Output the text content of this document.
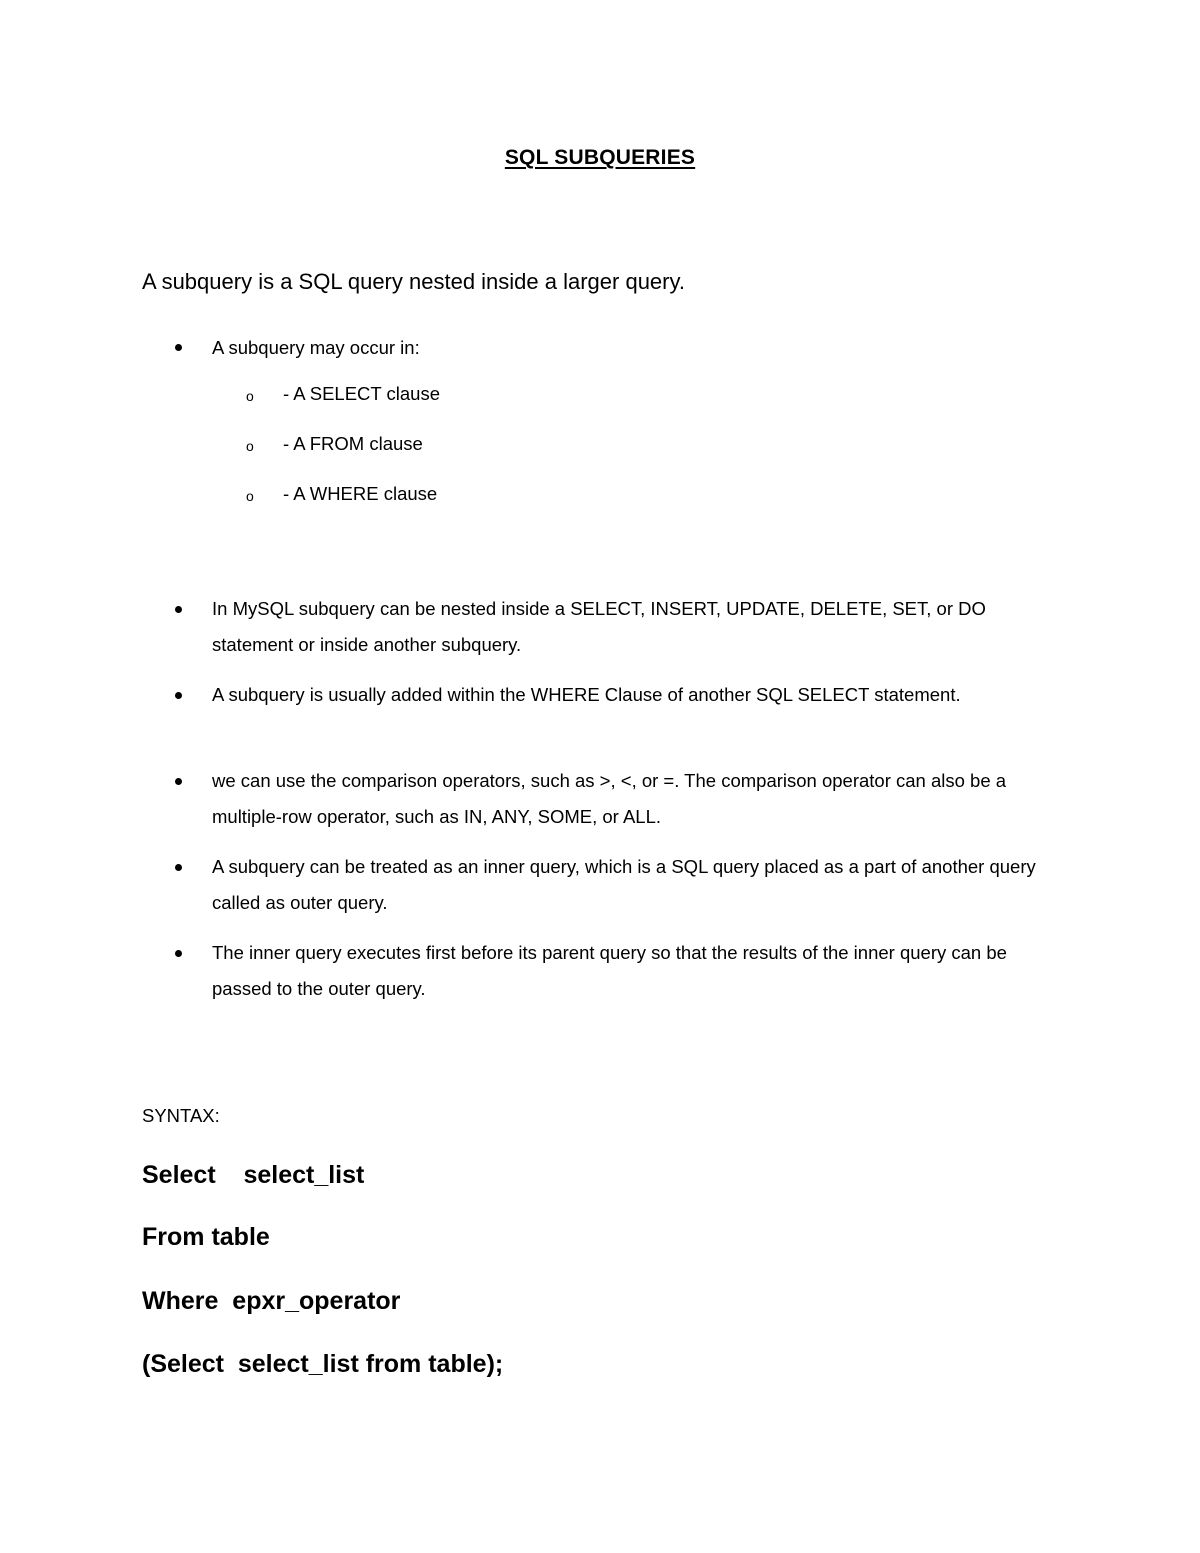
SQL SUBQUERIES
A subquery is a SQL query nested inside a larger query.
A subquery may occur in:
o - A SELECT clause
o - A FROM clause
o - A WHERE clause
In MySQL subquery can be nested inside a SELECT, INSERT, UPDATE, DELETE, SET, or DO statement or inside another subquery.
A subquery is usually added within the WHERE Clause of another SQL SELECT statement.
we can use the comparison operators, such as >, <, or =. The comparison operator can also be a multiple-row operator, such as IN, ANY, SOME, or ALL.
A subquery can be treated as an inner query, which is a SQL query placed as a part of another query called as outer query.
The inner query executes first before its parent query so that the results of the inner query can be passed to the outer query.
SYNTAX:
Select    select_list
From table
Where  epxr_operator
(Select  select_list from table);
